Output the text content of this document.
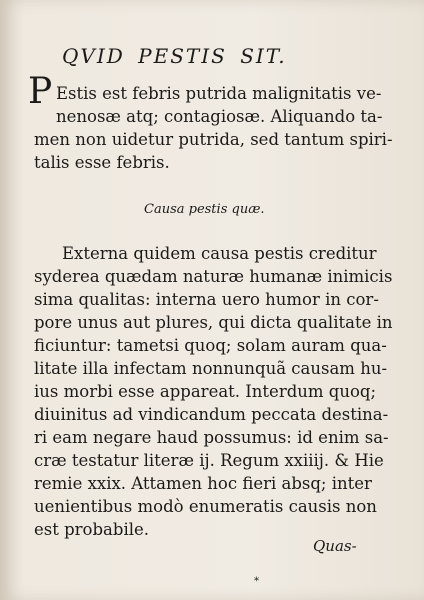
QVID PESTIS SIT.
P Estis est febris putrida malignitatis ve-
nenosæ atq; contagiosæ. Aliquando ta-
men non uidetur putrida, sed tantum spiri-
talis esse febris.
Causa pestis quæ.
Externa quidem causa pestis creditur
syderea quædam naturæ humanæ inimicis
sima qualitas: interna uero humor in cor-
pore unus aut plures, qui dicta qualitate in
ficiuntur: tametsi quoq; solam auram qua-
litate illa infectam nonnunquã causam hu-
ius morbi esse appareat. Interdum quoq;
diuinitus ad vindicandum peccata destina-
ri eam negare haud possumus: id enim sa-
cræ testatur literæ ij. Regum xxiiij. & Hie
remie xxix. Attamen hoc fieri absq; inter
uenientibus modò enumeratis causis non
est probabile.
Quas-
*
